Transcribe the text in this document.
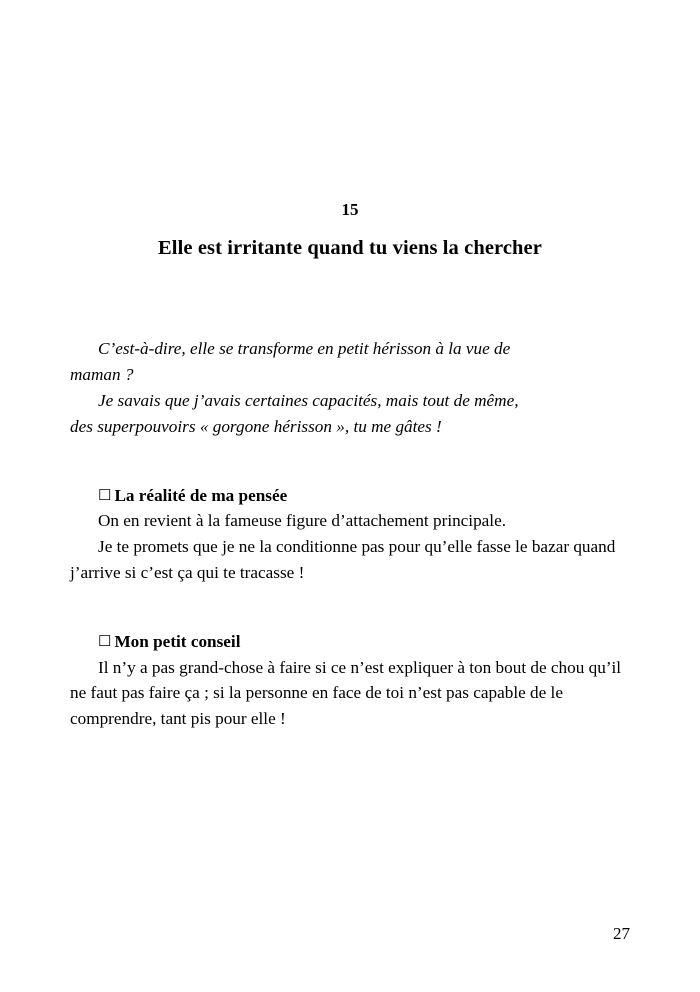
15
Elle est irritante quand tu viens la chercher

C’est-à-dire, elle se transforme en petit hérisson à la vue de
maman ?

Je savais que j’avais certaines capacités, mais tout de même,
des superpouvoirs « gorgone hérisson », tu me gâtes !

☐ La réalité de ma pensée

On en revient à la fameuse figure d’attachement principale.

Je te promets que je ne la conditionne pas pour qu’elle fasse le bazar quand j’arrive si c’est ça qui te tracasse !

☐ Mon petit conseil

Il n’y a pas grand-chose à faire si ce n’est expliquer à ton bout de chou qu’il ne faut pas faire ça ; si la personne en face de toi n’est pas capable de le comprendre, tant pis pour elle !

27
